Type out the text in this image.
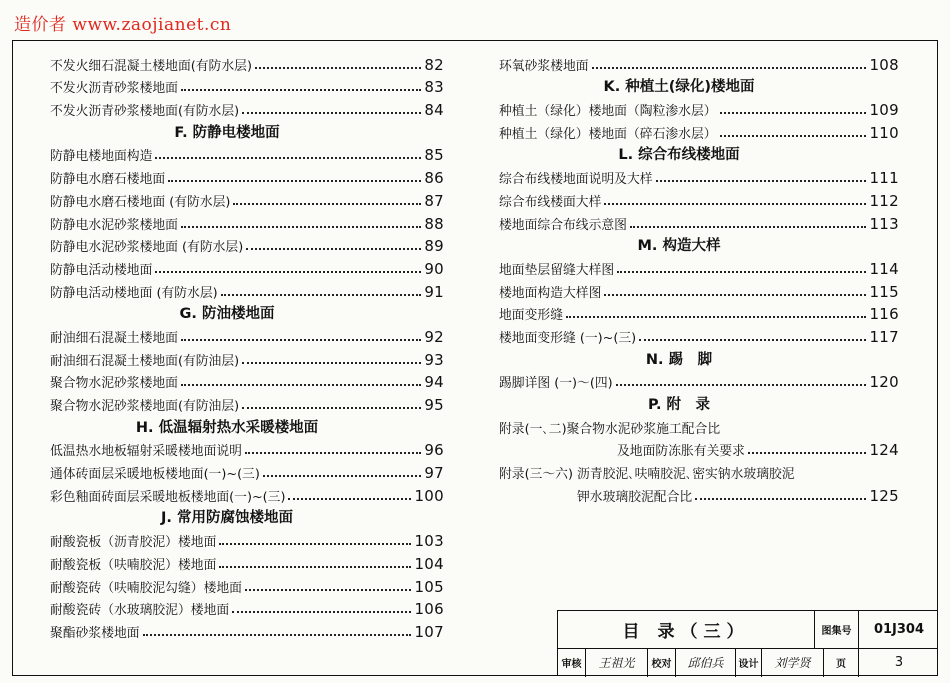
造价者 www.zaojianet.cn
不发火细石混凝土楼地面(有防水层)	82
不发火沥青砂浆楼地面	83
不发火沥青砂浆楼地面(有防水层)	84
F. 防静电楼地面
防静电楼地面构造	85
防静电水磨石楼地面	86
防静电水磨石楼地面 (有防水层)	87
防静电水泥砂浆楼地面	88
防静电水泥砂浆楼地面 (有防水层)	89
防静电活动楼地面	90
防静电活动楼地面 (有防水层)	91
G. 防油楼地面
耐油细石混凝土楼地面	92
耐油细石混凝土楼地面(有防油层)	93
聚合物水泥砂浆楼地面	94
聚合物水泥砂浆楼地面(有防油层)	95
H. 低温辐射热水采暖楼地面
低温热水地板辐射采暖楼地面说明	96
通体砖面层采暖地板楼地面(一)~(三)	97
彩色釉面砖面层采暖地板楼地面(一)~(三)	100
J. 常用防腐蚀楼地面
耐酸瓷板（沥青胶泥）楼地面	103
耐酸瓷板（呋喃胶泥）楼地面	104
耐酸瓷砖（呋喃胶泥勾缝）楼地面	105
耐酸瓷砖（水玻璃胶泥）楼地面	106
聚酯砂浆楼地面	107
环氧砂浆楼地面	108
K. 种植土(绿化)楼地面
种植土（绿化）楼地面（陶粒渗水层）	109
种植土（绿化）楼地面（碎石渗水层）	110
L. 综合布线楼地面
综合布线楼地面说明及大样	111
综合布线楼面大样	112
楼地面综合布线示意图	113
M. 构造大样
地面垫层留缝大样图	114
楼地面构造大样图	115
地面变形缝	116
楼地面变形缝 (一)~(三)	117
N. 踢　脚
踢脚详图 (一)～(四)	120
P. 附　录
附录(一､二)聚合物水泥砂浆施工配合比
及地面防冻胀有关要求	124
附录(三～六) 沥青胶泥､呋喃胶泥､密实钠水玻璃胶泥
钾水玻璃胶泥配合比	125
目 录（三）	图集号	01J304
审核	王祖光	校对	邱伯兵	设计	刘学贤	页	3
